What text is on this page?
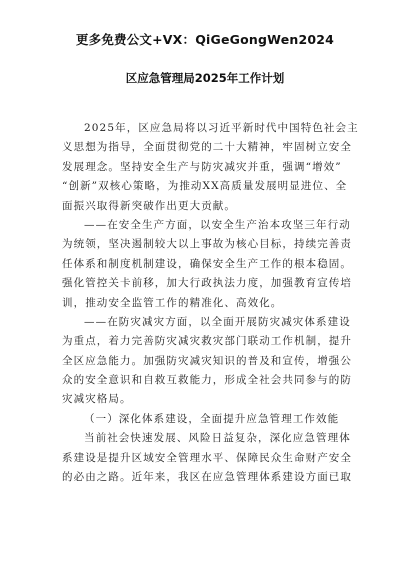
更多免费公文+VX：QiGeGongWen2024
区应急管理局2025年工作计划
2025年，区应急局将以习近平新时代中国特色社会主
义思想为指导，全面贯彻党的二十大精神，牢固树立安全
发展理念。坚持安全生产与防灾减灾并重，强调“增效”
“创新”双核心策略，为推动XX高质量发展明显进位、全
面振兴取得新突破作出更大贡献。
——在安全生产方面，以安全生产治本攻坚三年行动
为统领，坚决遏制较大以上事故为核心目标，持续完善责
任体系和制度机制建设，确保安全生产工作的根本稳固。
强化管控关卡前移，加大行政执法力度，加强教育宣传培
训，推动安全监管工作的精准化、高效化。
——在防灾减灾方面，以全面开展防灾减灾体系建设
为重点，着力完善防灾减灾救灾部门联动工作机制，提升
全区应急能力。加强防灾减灾知识的普及和宣传，增强公
众的安全意识和自救互救能力，形成全社会共同参与的防
灾减灾格局。
（一）深化体系建设，全面提升应急管理工作效能
当前社会快速发展、风险日益复杂，深化应急管理体
系建设是提升区域安全管理水平、保障民众生命财产安全
的必由之路。近年来，我区在应急管理体系建设方面已取
